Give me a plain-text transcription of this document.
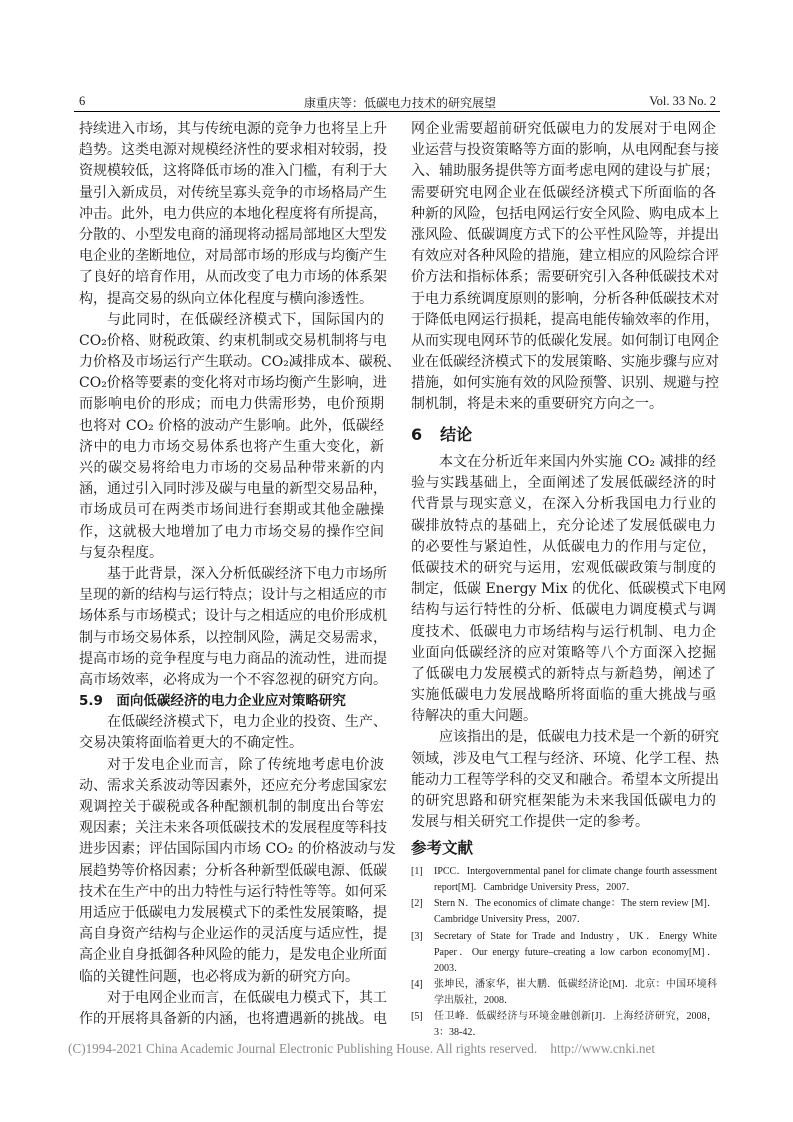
6	康重庆等：低碳电力技术的研究展望	Vol. 33 No. 2
持续进入市场，其与传统电源的竞争力也将呈上升
趋势。这类电源对规模经济性的要求相对较弱，投
资规模较低，这将降低市场的准入门槛，有利于大
量引入新成员，对传统呈寡头竞争的市场格局产生
冲击。此外，电力供应的本地化程度将有所提高，
分散的、小型发电商的涌现将动摇局部地区大型发
电企业的垄断地位，对局部市场的形成与均衡产生
了良好的培育作用，从而改变了电力市场的体系架
构，提高交易的纵向立体化程度与横向渗透性。
与此同时，在低碳经济模式下，国际国内的
CO₂价格、财税政策、约束机制或交易机制将与电
力价格及市场运行产生联动。CO₂减排成本、碳税、
CO₂价格等要素的变化将对市场均衡产生影响，进
而影响电价的形成；而电力供需形势，电价预期
也将对 CO₂ 价格的波动产生影响。此外，低碳经
济中的电力市场交易体系也将产生重大变化，新
兴的碳交易将给电力市场的交易品种带来新的内
涵，通过引入同时涉及碳与电量的新型交易品种，
市场成员可在两类市场间进行套期或其他金融操
作，这就极大地增加了电力市场交易的操作空间
与复杂程度。
基于此背景，深入分析低碳经济下电力市场所
呈现的新的结构与运行特点；设计与之相适应的市
场体系与市场模式；设计与之相适应的电价形成机
制与市场交易体系，以控制风险，满足交易需求，
提高市场的竞争程度与电力商品的流动性，进而提
高市场效率，必将成为一个不容忽视的研究方向。
5.9　面向低碳经济的电力企业应对策略研究
在低碳经济模式下，电力企业的投资、生产、
交易决策将面临着更大的不确定性。
对于发电企业而言，除了传统地考虑电价波
动、需求关系波动等因素外，还应充分考虑国家宏
观调控关于碳税或各种配额机制的制度出台等宏
观因素；关注未来各项低碳技术的发展程度等科技
进步因素；评估国际国内市场 CO₂ 的价格波动与发
展趋势等价格因素；分析各种新型低碳电源、低碳
技术在生产中的出力特性与运行特性等等。如何采
用适应于低碳电力发展模式下的柔性发展策略，提
高自身资产结构与企业运作的灵活度与适应性，提
高企业自身抵御各种风险的能力，是发电企业所面
临的关键性问题，也必将成为新的研究方向。
对于电网企业而言，在低碳电力模式下，其工
作的开展将具备新的内涵，也将遭遇新的挑战。电
网企业需要超前研究低碳电力的发展对于电网企
业运营与投资策略等方面的影响，从电网配套与接
入、辅助服务提供等方面考虑电网的建设与扩展；
需要研究电网企业在低碳经济模式下所面临的各
种新的风险，包括电网运行安全风险、购电成本上
涨风险、低碳调度方式下的公平性风险等，并提出
有效应对各种风险的措施，建立相应的风险综合评
价方法和指标体系；需要研究引入各种低碳技术对
于电力系统调度原则的影响，分析各种低碳技术对
于降低电网运行损耗，提高电能传输效率的作用，
从而实现电网环节的低碳化发展。如何制订电网企
业在低碳经济模式下的发展策略、实施步骤与应对
措施，如何实施有效的风险预警、识别、规避与控
制机制，将是未来的重要研究方向之一。
6 结论
本文在分析近年来国内外实施 CO₂ 减排的经
验与实践基础上，全面阐述了发展低碳经济的时
代背景与现实意义，在深入分析我国电力行业的
碳排放特点的基础上，充分论述了发展低碳电力
的必要性与紧迫性，从低碳电力的作用与定位，
低碳技术的研究与运用，宏观低碳政策与制度的
制定，低碳 Energy Mix 的优化、低碳模式下电网
结构与运行特性的分析、低碳电力调度模式与调
度技术、低碳电力市场结构与运行机制、电力企
业面向低碳经济的应对策略等八个方面深入挖掘
了低碳电力发展模式的新特点与新趋势，阐述了
实施低碳电力发展战略所将面临的重大挑战与亟
待解决的重大问题。
应该指出的是，低碳电力技术是一个新的研究
领域，涉及电气工程与经济、环境、化学工程、热
能动力工程等学科的交叉和融合。希望本文所提出
的研究思路和研究框架能为未来我国低碳电力的
发展与相关研究工作提供一定的参考。
参考文献
[1] IPCC．Intergovernmental panel for climate change fourth assessment report[M]．Cambridge University Press，2007．
[2] Stern N．The economics of climate change：The stern review [M]．Cambridge University Press，2007．
[3] Secretary of State for Trade and Industry，UK．Energy White Paper．Our energy future–creating a low carbon economy[M]．2003．
[4] 张坤民，潘家华，崔大鹏．低碳经济论[M]．北京：中国环境科学出版社，2008．
[5] 任卫峰．低碳经济与环境金融创新[J]．上海经济研究，2008，3：38-42．
(C)1994-2021 China Academic Journal Electronic Publishing House. All rights reserved. http://www.cnki.net
